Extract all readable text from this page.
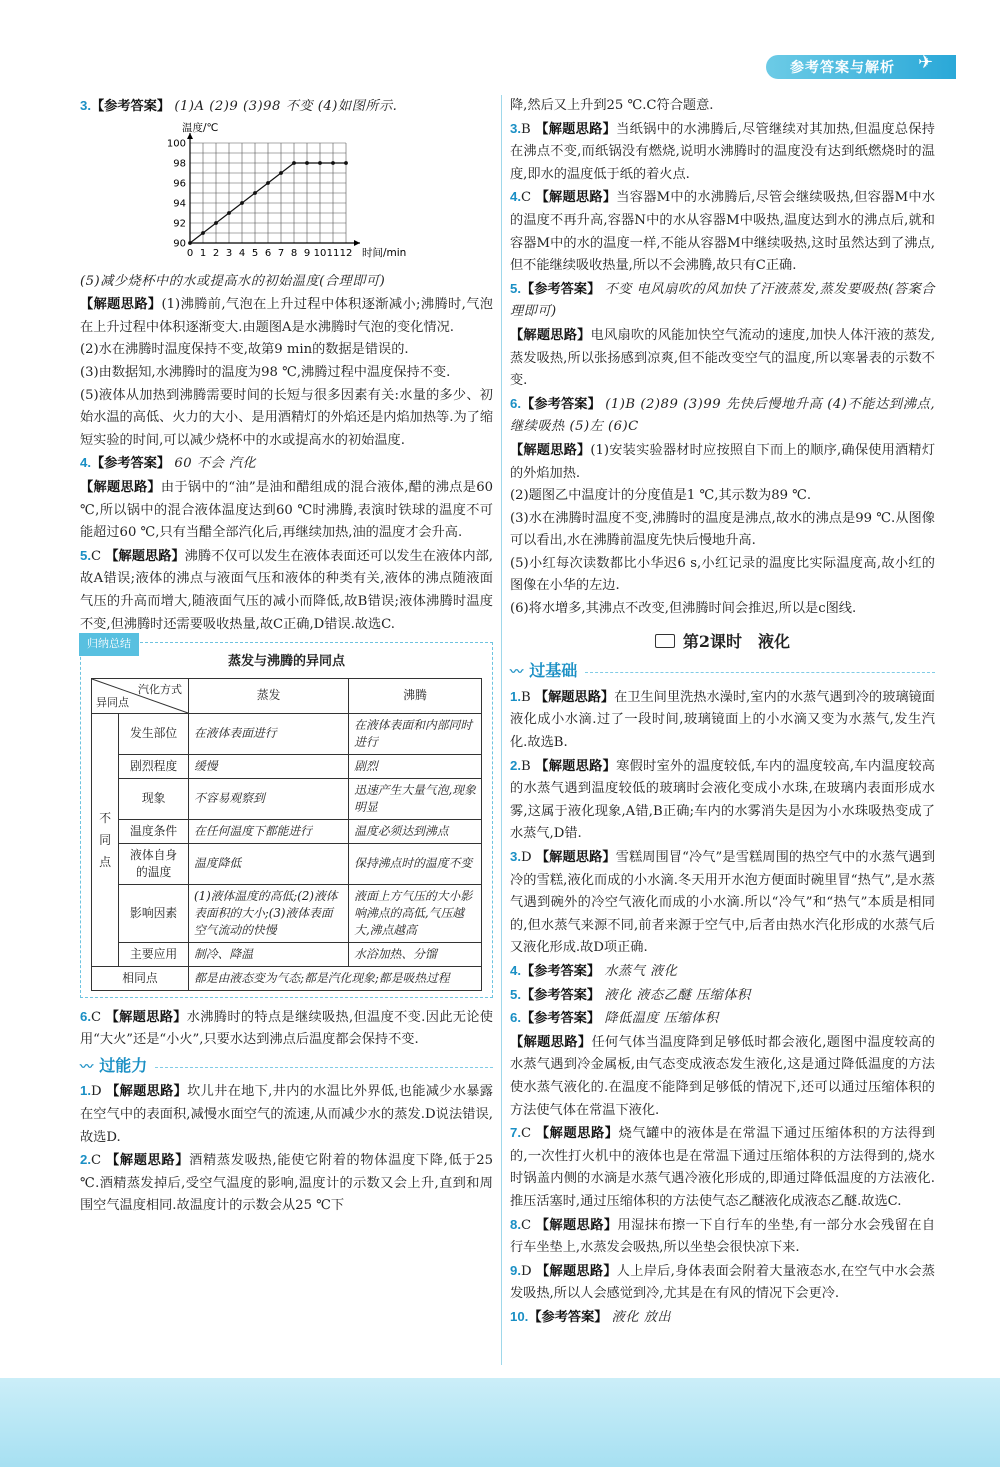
参考答案与解析 ✈

3.【参考答案】 (1)A (2)9 (3)98 不变 (4)如图所示.

0 1 2 3 4 5 6 7 8 9 10 11 12
90
92
94
96
98
100
温度/℃
时间/min

(5)减少烧杯中的水或提高水的初始温度(合理即可)

【解题思路】(1)沸腾前,气泡在上升过程中体积逐渐减小;沸腾时,气泡在上升过程中体积逐渐变大.由题图A是水沸腾时气泡的变化情况.

(2)水在沸腾时温度保持不变,故第9 min的数据是错误的.

(3)由数据知,水沸腾时的温度为98 ℃,沸腾过程中温度保持不变.

(5)液体从加热到沸腾需要时间的长短与很多因素有关:水量的多少、初始水温的高低、火力的大小、是用酒精灯的外焰还是内焰加热等.为了缩短实验的时间,可以减少烧杯中的水或提高水的初始温度.

4.【参考答案】 60 不会 汽化

【解题思路】由于锅中的“油”是油和醋组成的混合液体,醋的沸点是60 ℃,所以锅中的混合液体温度达到60 ℃时沸腾,表演时铁球的温度不可能超过60 ℃,只有当醋全部汽化后,再继续加热,油的温度才会升高.

5.C 【解题思路】沸腾不仅可以发生在液体表面还可以发生在液体内部,故A错误;液体的沸点与液面气压和液体的种类有关,液体的沸点随液面气压的升高而增大,随液面气压的减小而降低,故B错误;液体沸腾时温度不变,但沸腾时还需要吸收热量,故C正确,D错误.故选C.

归纳总结
蒸发与沸腾的异同点
汽化方式
异同点		蒸发	沸腾
不同点	发生部位	在液体表面进行	在液体表面和内部同时进行
	剧烈程度	缓慢	剧烈
	现象	不容易观察到	迅速产生大量气泡,现象明显
	温度条件	在任何温度下都能进行	温度必须达到沸点
	液体自身的温度	温度降低	保持沸点时的温度不变
	影响因素	(1)液体温度的高低;(2)液体表面积的大小;(3)液体表面空气流动的快慢	液面上方气压的大小影响沸点的高低,气压越大,沸点越高
	主要应用	制冷、降温	水浴加热、分馏
相同点		都是由液态变为气态;都是汽化现象;都是吸热过程	

6.C 【解题思路】水沸腾时的特点是继续吸热,但温度不变.因此无论使用“大火”还是“小火”,只要水达到沸点后温度都会保持不变.

〰 过能力

1.D 【解题思路】坎儿井在地下,井内的水温比外界低,也能减少水暴露在空气中的表面积,减慢水面空气的流速,从而减少水的蒸发.D说法错误,故选D.

2.C 【解题思路】酒精蒸发吸热,能使它附着的物体温度下降,低于25 ℃.酒精蒸发掉后,受空气温度的影响,温度计的示数又会上升,直到和周围空气温度相同.故温度计的示数会从25 ℃下

降,然后又上升到25 ℃.C符合题意.

3.B 【解题思路】当纸锅中的水沸腾后,尽管继续对其加热,但温度总保持在沸点不变,而纸锅没有燃烧,说明水沸腾时的温度没有达到纸燃烧时的温度,即水的温度低于纸的着火点.

4.C 【解题思路】当容器M中的水沸腾后,尽管会继续吸热,但容器M中水的温度不再升高,容器N中的水从容器M中吸热,温度达到水的沸点后,就和容器M中的水的温度一样,不能从容器M中继续吸热,这时虽然达到了沸点,但不能继续吸收热量,所以不会沸腾,故只有C正确.

5.【参考答案】 不变 电风扇吹的风加快了汗液蒸发,蒸发要吸热(答案合理即可)

【解题思路】电风扇吹的风能加快空气流动的速度,加快人体汗液的蒸发,蒸发吸热,所以张扬感到凉爽,但不能改变空气的温度,所以寒暑表的示数不变.

6.【参考答案】 (1)B (2)89 (3)99 先快后慢地升高 (4)不能达到沸点,继续吸热 (5)左 (6)C

【解题思路】(1)安装实验器材时应按照自下而上的顺序,确保使用酒精灯的外焰加热.

(2)题图乙中温度计的分度值是1 ℃,其示数为89 ℃.

(3)水在沸腾时温度不变,沸腾时的温度是沸点,故水的沸点是99 ℃.从图像可以看出,水在沸腾前温度先快后慢地升高.

(5)小红每次读数都比小华迟6 s,小红记录的温度比实际温度高,故小红的图像在小华的左边.

(6)将水增多,其沸点不改变,但沸腾时间会推迟,所以是c图线.

第2课时　液化
〰 过基础

1.B 【解题思路】在卫生间里洗热水澡时,室内的水蒸气遇到冷的玻璃镜面液化成小水滴.过了一段时间,玻璃镜面上的小水滴又变为水蒸气,发生汽化.故选B.

2.B 【解题思路】寒假时室外的温度较低,车内的温度较高,车内温度较高的水蒸气遇到温度较低的玻璃时会液化变成小水珠,在玻璃内表面形成水雾,这属于液化现象,A错,B正确;车内的水雾消失是因为小水珠吸热变成了水蒸气,D错.

3.D 【解题思路】雪糕周围冒“冷气”是雪糕周围的热空气中的水蒸气遇到冷的雪糕,液化而成的小水滴.冬天用开水泡方便面时碗里冒“热气”,是水蒸气遇到碗外的冷空气液化而成的小水滴.所以“冷气”和“热气”本质是相同的,但水蒸气来源不同,前者来源于空气中,后者由热水汽化形成的水蒸气后又液化形成.故D项正确.

4.【参考答案】 水蒸气 液化

5.【参考答案】 液化 液态乙醚 压缩体积

6.【参考答案】 降低温度 压缩体积

【解题思路】任何气体当温度降到足够低时都会液化,题图中温度较高的水蒸气遇到冷金属板,由气态变成液态发生液化,这是通过降低温度的方法使水蒸气液化的.在温度不能降到足够低的情况下,还可以通过压缩体积的方法使气体在常温下液化.

7.C 【解题思路】烧气罐中的液体是在常温下通过压缩体积的方法得到的,一次性打火机中的液体也是在常温下通过压缩体积的方法得到的,烧水时锅盖内侧的水滴是水蒸气遇冷液化形成的,即通过降低温度的方法液化.推压活塞时,通过压缩体积的方法使气态乙醚液化成液态乙醚.故选C.

8.C 【解题思路】用湿抹布擦一下自行车的坐垫,有一部分水会残留在自行车坐垫上,水蒸发会吸热,所以坐垫会很快凉下来.

9.D 【解题思路】人上岸后,身体表面会附着大量液态水,在空气中水会蒸发吸热,所以人会感觉到冷,尤其是在有风的情况下会更冷.

10.【参考答案】 液化 放出
